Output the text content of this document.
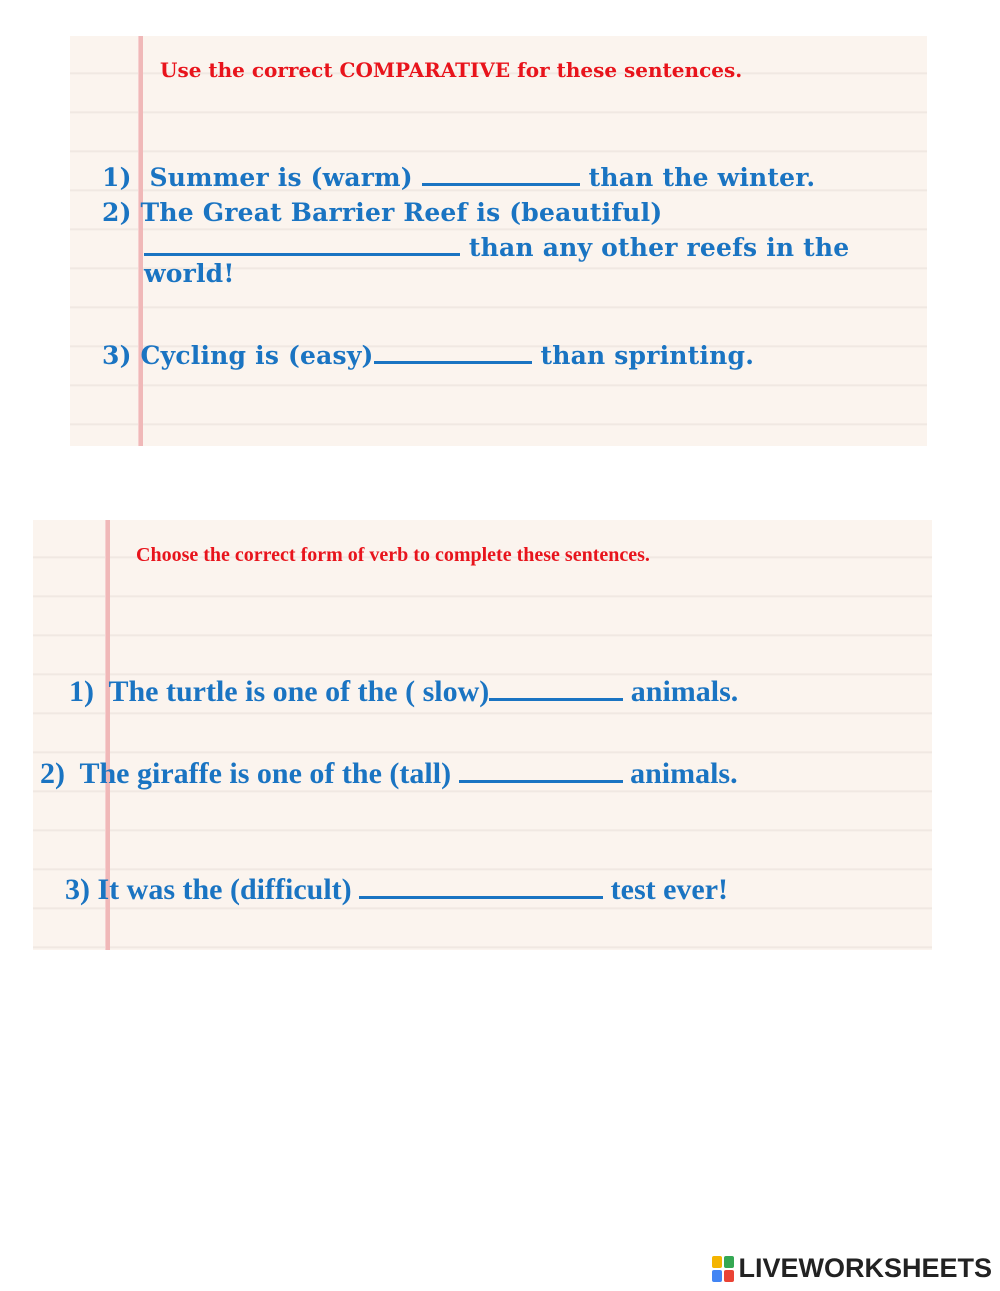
Use the correct COMPARATIVE for these sentences.
1) Summer is (warm)	than the winter.
2) The Great Barrier Reef is (beautiful)
than any other reefs in the
world!
3) Cycling is (easy)	than sprinting.
Choose the correct form of verb to complete these sentences.
1) The turtle is one of the ( slow)	animals.
2) The giraffe is one of the (tall)	animals.
3) It was the (difficult)	test ever!
LIVEWORKSHEETS
